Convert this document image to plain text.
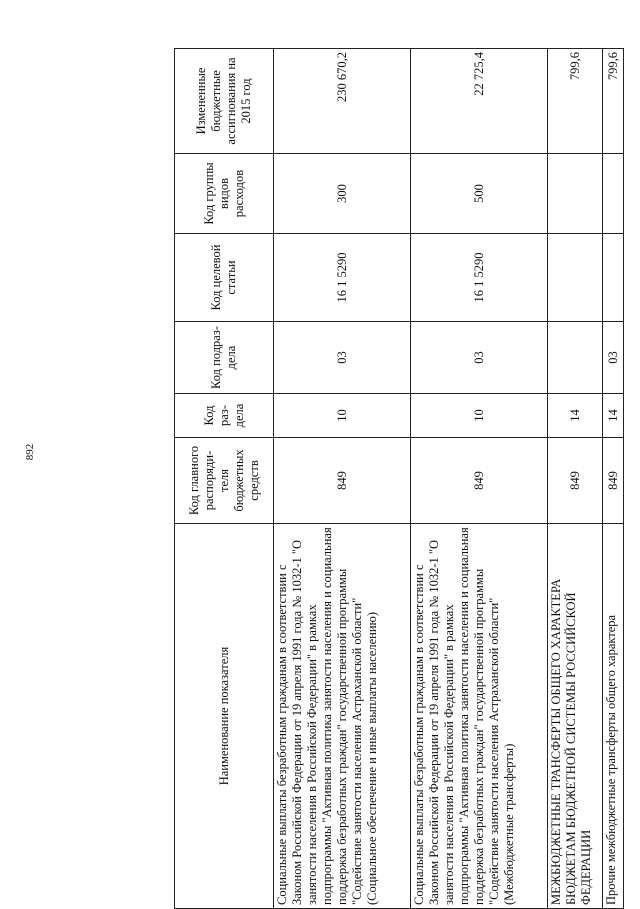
892
Наименование показателя	Код главного распоряди-теля бюджетных средств	Код раз-дела	Код подраз-дела	Код целевой статьи	Код группы видов расходов	Измененные бюджетные ассигнования на 2015 год
Социальные выплаты безработным гражданам в соответствии с Законом Российской Федерации от 19 апреля 1991 года № 1032-1 "О занятости населения в Российской Федерации" в рамках подпрограммы "Активная политика занятости населения и социальная поддержка безработных граждан" государственной программы "Содействие занятости населения Астраханской области" (Социальное обеспечение и иные выплаты населению)	849	10	03	16 1 5290	300	230 670,2
Социальные выплаты безработным гражданам в соответствии с Законом Российской Федерации от 19 апреля 1991 года № 1032-1 "О занятости населения в Российской Федерации" в рамках подпрограммы "Активная политика занятости населения и социальная поддержка безработных граждан" государственной программы "Содействие занятости населения Астраханской области" (Межбюджетные трансферты)	849	10	03	16 1 5290	500	22 725,4
МЕЖБЮДЖЕТНЫЕ ТРАНСФЕРТЫ ОБЩЕГО ХАРАКТЕРА БЮДЖЕТАМ БЮДЖЕТНОЙ СИСТЕМЫ РОССИЙСКОЙ ФЕДЕРАЦИИ	849	14				799,6
Прочие межбюджетные трансферты общего характера	849	14	03			799,6
